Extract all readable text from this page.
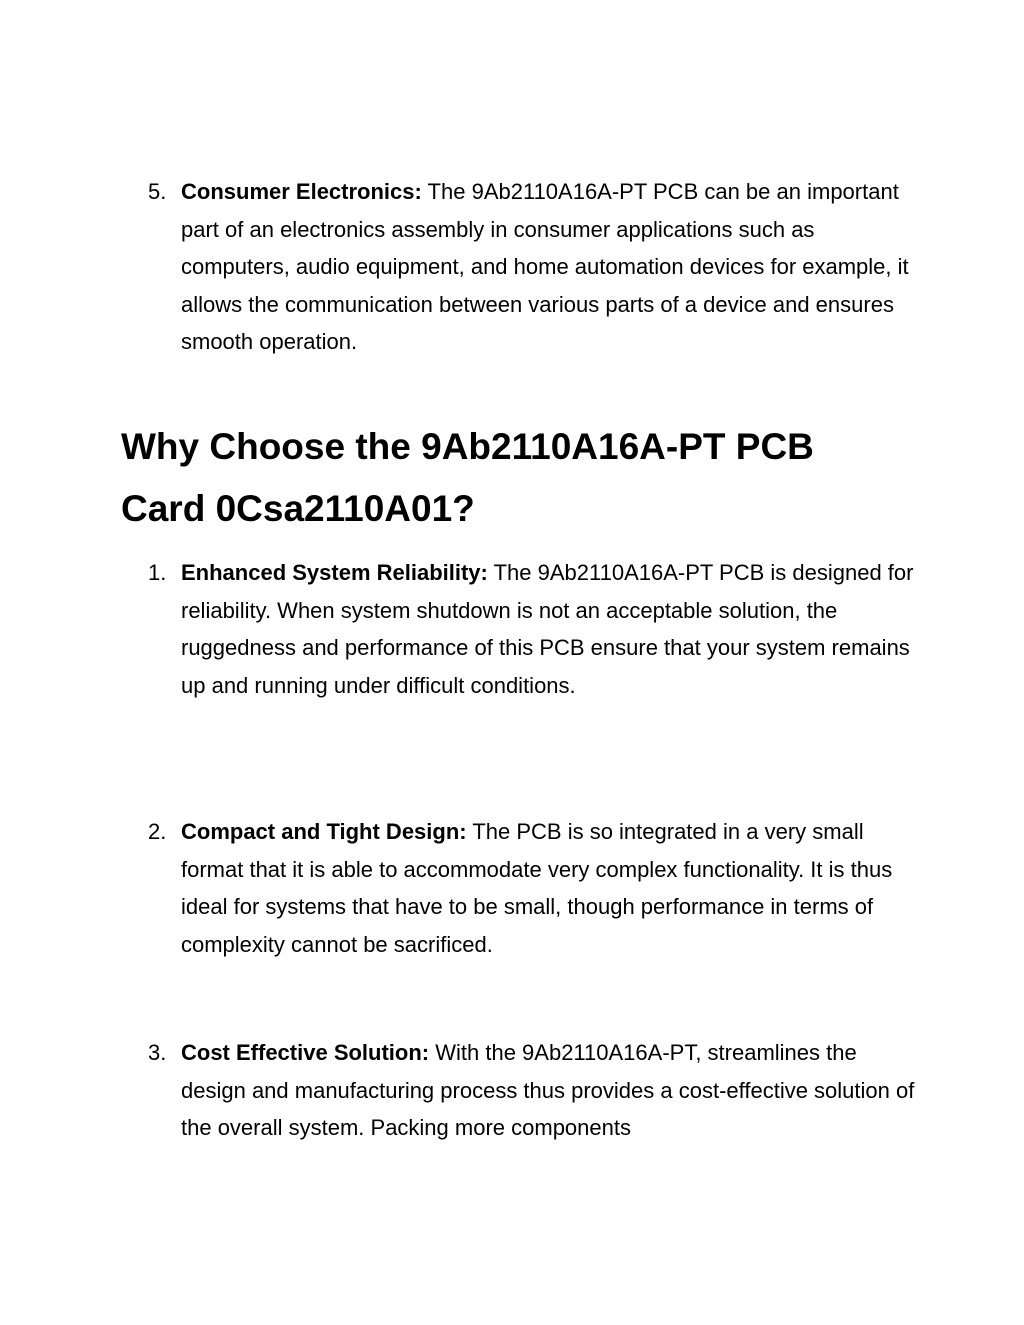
5. Consumer Electronics: The 9Ab2110A16A-PT PCB can be an important part of an electronics assembly in consumer applications such as computers, audio equipment, and home automation devices for example, it allows the communication between various parts of a device and ensures smooth operation.
Why Choose the 9Ab2110A16A-PT PCB Card 0Csa2110A01?
1. Enhanced System Reliability: The 9Ab2110A16A-PT PCB is designed for reliability. When system shutdown is not an acceptable solution, the ruggedness and performance of this PCB ensure that your system remains up and running under difficult conditions.
2. Compact and Tight Design: The PCB is so integrated in a very small format that it is able to accommodate very complex functionality. It is thus ideal for systems that have to be small, though performance in terms of complexity cannot be sacrificed.
3. Cost Effective Solution: With the 9Ab2110A16A-PT, streamlines the design and manufacturing process thus provides a cost-effective solution of the overall system. Packing more components
